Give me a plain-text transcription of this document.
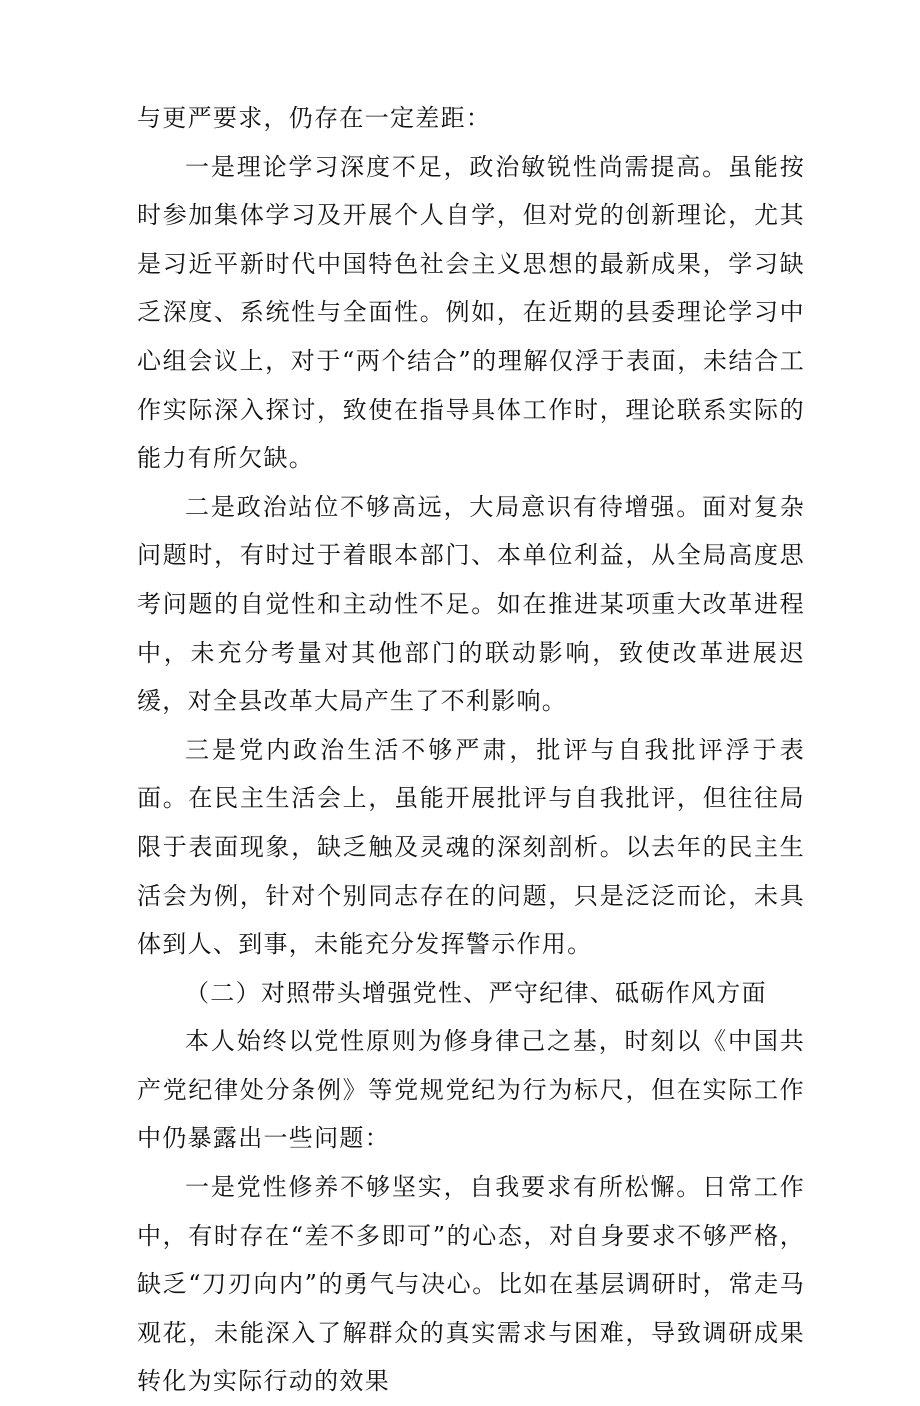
与更严要求，仍存在一定差距：

一是理论学习深度不足，政治敏锐性尚需提高。虽能按时参加集体学习及开展个人自学，但对党的创新理论，尤其是习近平新时代中国特色社会主义思想的最新成果，学习缺乏深度、系统性与全面性。例如，在近期的县委理论学习中心组会议上，对于“两个结合”的理解仅浮于表面，未结合工作实际深入探讨，致使在指导具体工作时，理论联系实际的能力有所欠缺。

二是政治站位不够高远，大局意识有待增强。面对复杂问题时，有时过于着眼本部门、本单位利益，从全局高度思考问题的自觉性和主动性不足。如在推进某项重大改革进程中，未充分考量对其他部门的联动影响，致使改革进展迟缓，对全县改革大局产生了不利影响。

三是党内政治生活不够严肃，批评与自我批评浮于表面。在民主生活会上，虽能开展批评与自我批评，但往往局限于表面现象，缺乏触及灵魂的深刻剖析。以去年的民主生活会为例，针对个别同志存在的问题，只是泛泛而论，未具体到人、到事，未能充分发挥警示作用。

（二）对照带头增强党性、严守纪律、砥砺作风方面

本人始终以党性原则为修身律己之基，时刻以《中国共产党纪律处分条例》等党规党纪为行为标尺，但在实际工作中仍暴露出一些问题：

一是党性修养不够坚实，自我要求有所松懈。日常工作中，有时存在“差不多即可”的心态，对自身要求不够严格，缺乏“刀刃向内”的勇气与决心。比如在基层调研时，常走马观花，未能深入了解群众的真实需求与困难，导致调研成果转化为实际行动的效果
